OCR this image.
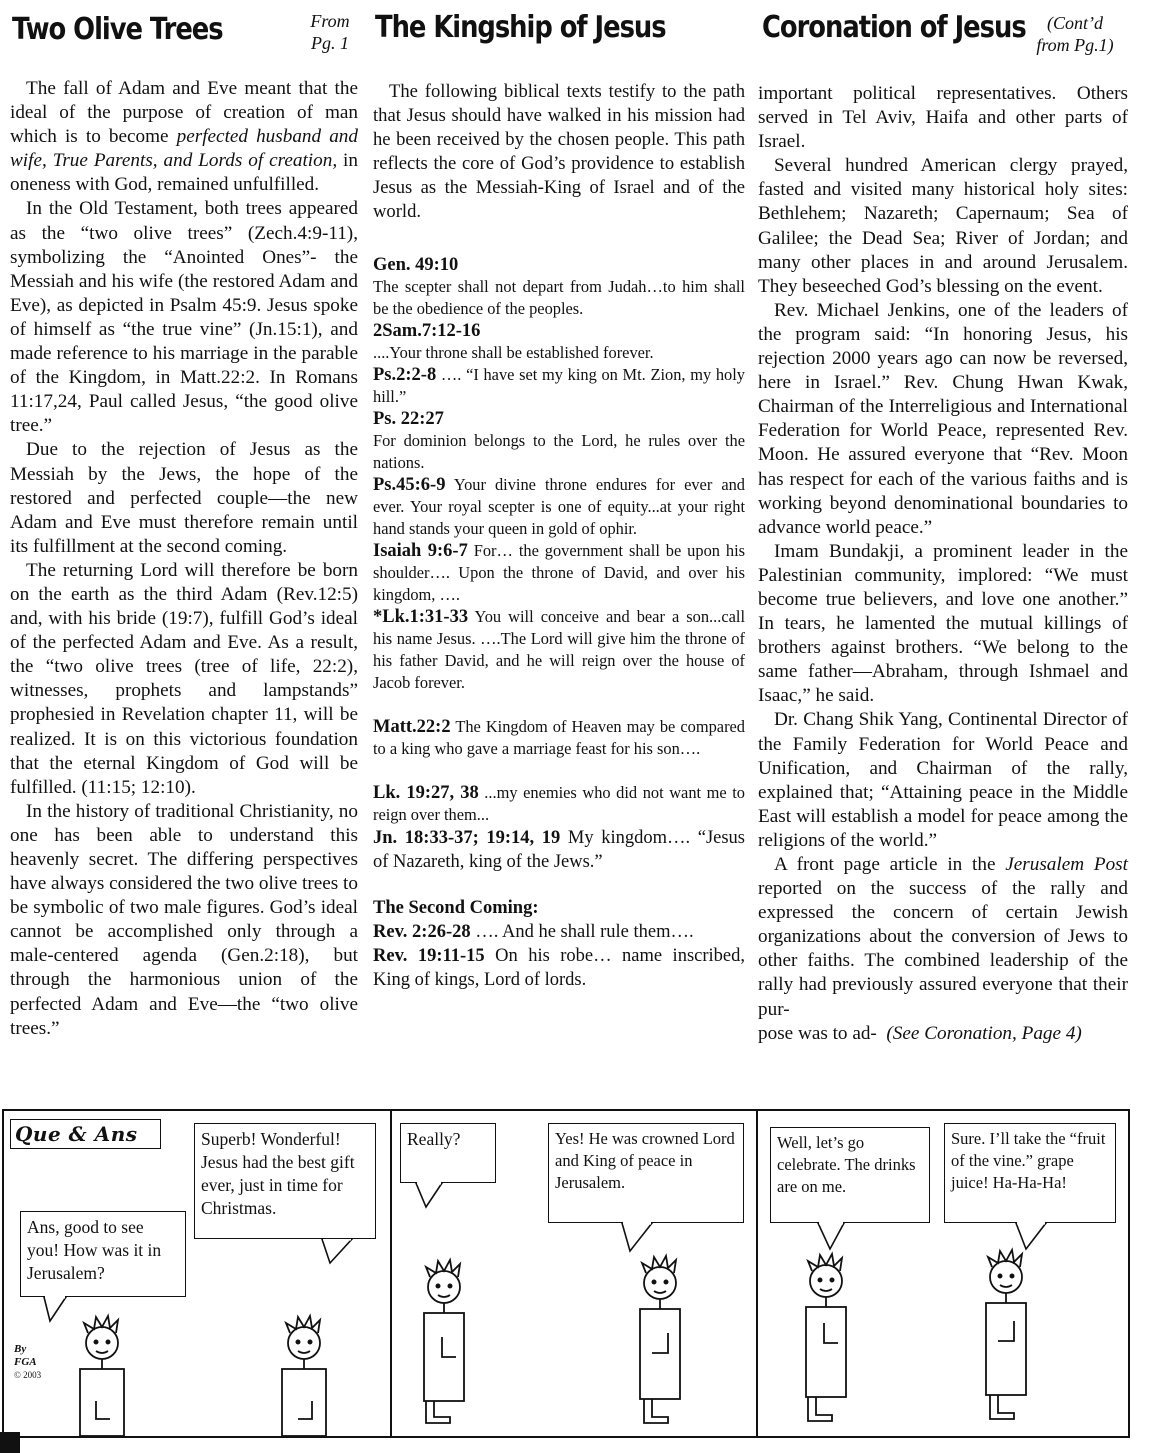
Two Olive Trees	From
Pg. 1

The fall of Adam and Eve meant that the ideal of the purpose of creation of man which is to become perfected husband and wife, True Parents, and Lords of creation, in oneness with God, remained unfulfilled.

In the Old Testament, both trees appeared as the “two olive trees” (Zech.4:9-11), symbolizing the “Anointed Ones”- the Messiah and his wife (the restored Adam and Eve), as depicted in Psalm 45:9. Jesus spoke of himself as “the true vine” (Jn.15:1), and made reference to his marriage in the parable of the Kingdom, in Matt.22:2. In Romans 11:17,24, Paul called Jesus, “the good olive tree.”

Due to the rejection of Jesus as the Messiah by the Jews, the hope of the restored and perfected couple—the new Adam and Eve must therefore remain until its fulfillment at the second coming.

The returning Lord will therefore be born on the earth as the third Adam (Rev.12:5) and, with his bride (19:7), fulfill God’s ideal of the perfected Adam and Eve. As a result, the “two olive trees (tree of life, 22:2), witnesses, prophets and lampstands” prophesied in Revelation chapter 11, will be realized. It is on this victorious foundation that the eternal Kingdom of God will be fulfilled. (11:15; 12:10).

In the history of traditional Christianity, no one has been able to understand this heavenly secret. The differing perspectives have always considered the two olive trees to be symbolic of two male figures. God’s ideal cannot be accomplished only through a male-centered agenda (Gen.2:18), but through the harmonious union of the perfected Adam and Eve—the “two olive trees.”

The Kingship of Jesus

The following biblical texts testify to the path that Jesus should have walked in his mission had he been received by the chosen people. This path reflects the core of God’s providence to establish Jesus as the Messiah-King of Israel and of the world.

Gen. 49:10
The scepter shall not depart from Judah…to him shall be the obedience of the peoples.
2Sam.7:12-16
....Your throne shall be established forever.
Ps.2:2-8 …. “I have set my king on Mt. Zion, my holy hill.”
Ps. 22:27
For dominion belongs to the Lord, he rules over the nations.
Ps.45:6-9 Your divine throne endures for ever and ever. Your royal scepter is one of equity...at your right hand stands your queen in gold of ophir.
Isaiah 9:6-7 For… the government shall be upon his shoulder…. Upon the throne of David, and over his kingdom, ….
*Lk.1:31-33 You will conceive and bear a son...call his name Jesus. ….The Lord will give him the throne of his father David, and he will reign over the house of Jacob forever.
Matt.22:2 The Kingdom of Heaven may be compared to a king who gave a marriage feast for his son….
Lk. 19:27, 38 ...my enemies who did not want me to reign over them...
Jn. 18:33-37; 19:14, 19 My kingdom…. “Jesus of Nazareth, king of the Jews.”
The Second Coming:
Rev. 2:26-28 …. And he shall rule them….
Rev. 19:11-15 On his robe… name inscribed, King of kings, Lord of lords.
Coronation of Jesus	(Cont’d
from Pg.1)

important political representatives. Others served in Tel Aviv, Haifa and other parts of Israel.

Several hundred American clergy prayed, fasted and visited many historical holy sites: Bethlehem; Nazareth; Capernaum; Sea of Galilee; the Dead Sea; River of Jordan; and many other places in and around Jerusalem. They beseeched God’s blessing on the event.

Rev. Michael Jenkins, one of the leaders of the program said: “In honoring Jesus, his rejection 2000 years ago can now be reversed, here in Israel.” Rev. Chung Hwan Kwak, Chairman of the Interreligious and International Federation for World Peace, represented Rev. Moon. He assured everyone that “Rev. Moon has respect for each of the various faiths and is working beyond denominational boundaries to advance world peace.”

Imam Bundakji, a prominent leader in the Palestinian community, implored: “We must become true believers, and love one another.” In tears, he lamented the mutual killings of brothers against brothers. “We belong to the same father—Abraham, through Ishmael and Isaac,” he said.

Dr. Chang Shik Yang, Continental Director of the Family Federation for World Peace and Unification, and Chairman of the rally, explained that; “Attaining peace in the Middle East will establish a model for peace among the religions of the world.”

A front page article in the Jerusalem Post reported on the success of the rally and expressed the concern of certain Jewish organizations about the conversion of Jews to other faiths. The combined leadership of the rally had previously assured everyone that their pur-

pose was to ad- (See Coronation, Page 4)

Que & Ans
Ans, good to see you! How was it in Jerusalem?
Superb! Wonderful! Jesus had the best gift ever, just in time for Christmas.
By
FGA
© 2003
Really?	Yes! He was crowned Lord and King of peace in Jerusalem.
Well, let’s go celebrate. The drinks are on me.
Sure. I’ll take the “fruit of the vine.” grape juice! Ha-Ha-Ha!
